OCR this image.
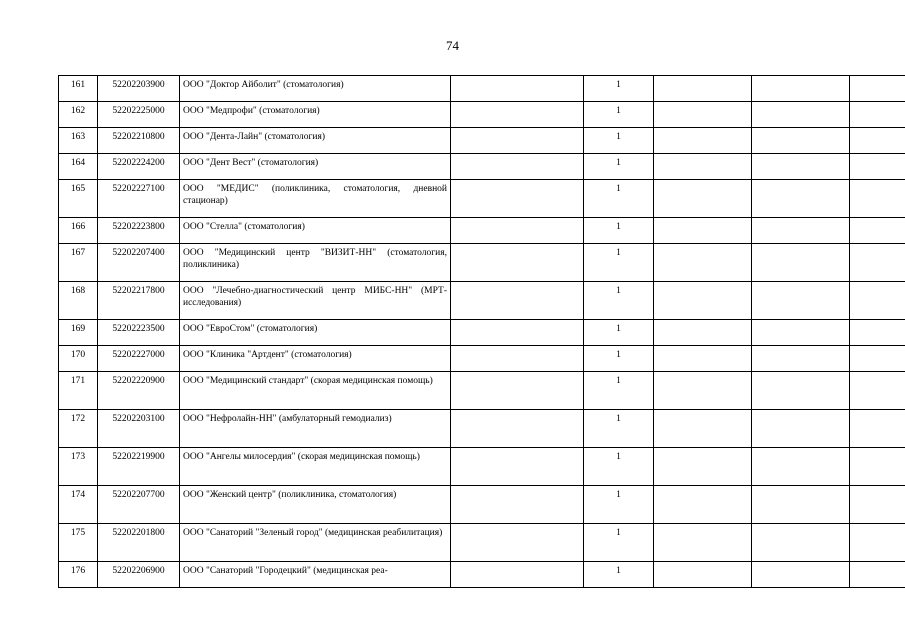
74
161	52202203900	ООО "Доктор Айболит" (стоматология)		1			
162	52202225000	ООО "Медпрофи" (стоматология)		1			
163	52202210800	ООО "Дента-Лайн" (стоматология)		1			
164	52202224200	ООО "Дент Вест" (стоматология)		1			
165	52202227100	ООО "МЕДИС" (поликлиника, стоматология, дневной стационар)		1			
166	52202223800	ООО "Стелла" (стоматология)		1			
167	52202207400	ООО "Медицинский центр "ВИЗИТ-НН" (стоматология, поликлиника)		1			
168	52202217800	ООО "Лечебно-диагностический центр МИБС-НН" (МРТ-исследования)		1			
169	52202223500	ООО "ЕвроСтом" (стоматология)		1			
170	52202227000	ООО "Клиника "Артдент" (стоматология)		1			
171	52202220900	ООО "Медицинский стандарт" (скорая медицинская помощь)		1			
172	52202203100	ООО "Нефролайн-НН" (амбулаторный гемодиализ)		1			
173	52202219900	ООО "Ангелы милосердия" (скорая медицинская помощь)		1			
174	52202207700	ООО "Женский центр" (поликлиника, стоматология)		1			
175	52202201800	ООО "Санаторий "Зеленый город" (медицинская реабилитация)		1			
176	52202206900	ООО "Санаторий "Городецкий" (медицинская реа-		1			
